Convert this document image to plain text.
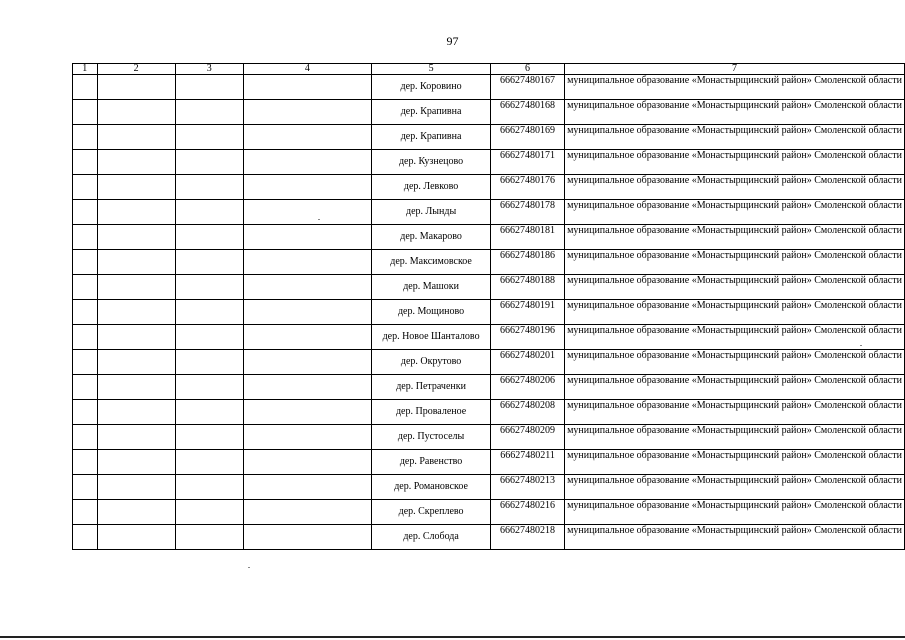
97
1	2	3	4	5	6	7
				дер. Коровино	66627480167	муниципальное образование «Монастырщинский район» Смоленской области
				дер. Крапивна	66627480168	муниципальное образование «Монастырщинский район» Смоленской области
				дер. Крапивна	66627480169	муниципальное образование «Монастырщинский район» Смоленской области
				дер. Кузнецово	66627480171	муниципальное образование «Монастырщинский район» Смоленской области
				дер. Левково	66627480176	муниципальное образование «Монастырщинский район» Смоленской области
				дер. Лынды	66627480178	муниципальное образование «Монастырщинский район» Смоленской области
				дер. Макарово	66627480181	муниципальное образование «Монастырщинский район» Смоленской области
				дер. Максимовское	66627480186	муниципальное образование «Монастырщинский район» Смоленской области
				дер. Машоки	66627480188	муниципальное образование «Монастырщинский район» Смоленской области
				дер. Мощиново	66627480191	муниципальное образование «Монастырщинский район» Смоленской области
				дер. Новое Шанталово	66627480196	муниципальное образование «Монастырщинский район» Смоленской области
				дер. Окрутово	66627480201	муниципальное образование «Монастырщинский район» Смоленской области
				дер. Петраченки	66627480206	муниципальное образование «Монастырщинский район» Смоленской области
				дер. Проваленое	66627480208	муниципальное образование «Монастырщинский район» Смоленской области
				дер. Пустоселы	66627480209	муниципальное образование «Монастырщинский район» Смоленской области
				дер. Равенство	66627480211	муниципальное образование «Монастырщинский район» Смоленской области
				дер. Романовское	66627480213	муниципальное образование «Монастырщинский район» Смоленской области
				дер. Скреплево	66627480216	муниципальное образование «Монастырщинский район» Смоленской области
				дер. Слобода	66627480218	муниципальное образование «Монастырщинский район» Смоленской области
